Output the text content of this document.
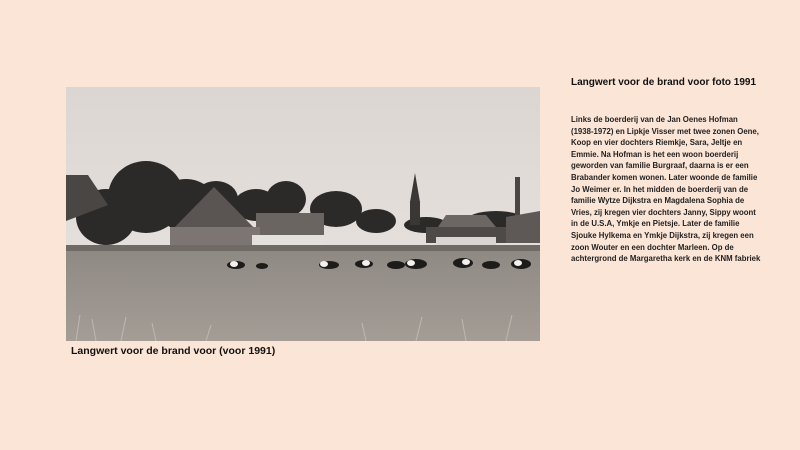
Langwert voor de brand voor (voor 1991)
Langwert voor de brand voor foto 1991

Links de boerderij van de Jan Oenes Hofman (1938-1972) en Lipkje Visser met twee zonen Oene, Koop en vier dochters Riemkje, Sara, Jeltje en Emmie. Na Hofman is het een woon boerderij geworden van familie Burgraaf, daarna is er een Brabander komen wonen. Later woonde de familie Jo Weimer er. In het midden de boerderij van de familie Wytze Dijkstra en Magdalena Sophia de Vries, zij kregen vier dochters Janny, Sippy woont in de U.S.A, Ymkje en Pietsje. Later de familie Sjouke Hylkema en Ymkje Dijkstra, zij kregen een zoon Wouter en een dochter Marleen. Op de achtergrond de Margaretha kerk en de KNM fabriek
